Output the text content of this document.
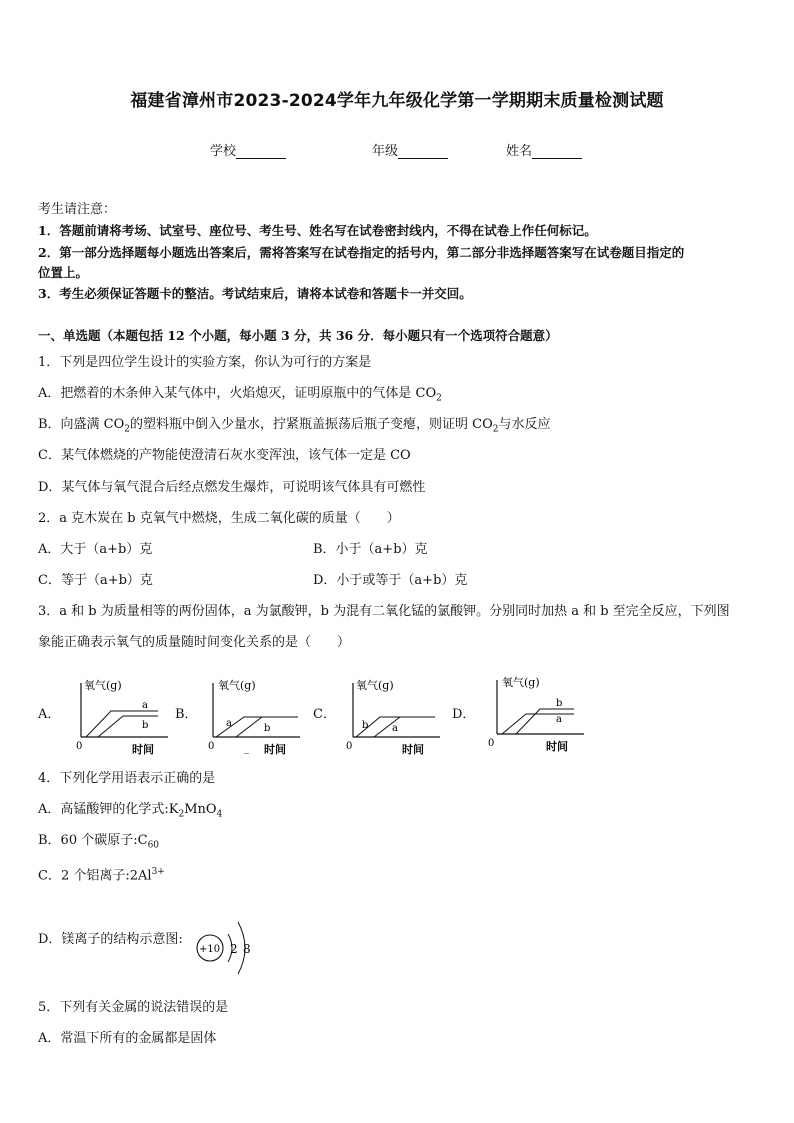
福建省漳州市2023-2024学年九年级化学第一学期期末质量检测试题
学校	年级	姓名
考生请注意：
1．答题前请将考场、试室号、座位号、考生号、姓名写在试卷密封线内，不得在试卷上作任何标记。
2．第一部分选择题每小题选出答案后，需将答案写在试卷指定的括号内，第二部分非选择题答案写在试卷题目指定的
位置上。
3．考生必须保证答题卡的整洁。考试结束后，请将本试卷和答题卡一并交回。
一、单选题（本题包括 12 个小题，每小题 3 分，共 36 分．每小题只有一个选项符合题意）
1．下列是四位学生设计的实验方案，你认为可行的方案是
A．把燃着的木条伸入某气体中，火焰熄灭，证明原瓶中的气体是 $CO_2$
B．向盛满 $CO_2$的塑料瓶中倒入少量水，拧紧瓶盖振荡后瓶子变瘪，则证明 $CO_2$与水反应
C．某气体燃烧的产物能使澄清石灰水变浑浊，该气体一定是 CO
D．某气体与氧气混合后经点燃发生爆炸，可说明该气体具有可燃性
2．a 克木炭在 b 克氧气中燃烧，生成二氧化碳的质量（　　）
A．大于（a+b）克	B．小于（a+b）克
C．等于（a+b）克	D．小于或等于（a+b）克
3．a 和 b 为质量相等的两份固体，a 为氯酸钾，b 为混有二氧化锰的氯酸钾。分别同时加热 a 和 b 至完全反应，下列图
象能正确表示氧气的质量随时间变化关系的是（　　）
A．
氧气(g)
0	时间
a
b
B．
氧气(g)
0	时间
a	b
_
C．
氧气(g)
0	时间
b a
D．
氧气(g)
0	时间
b
a
4．下列化学用语表示正确的是
A．高锰酸钾的化学式$:K_2MnO_4$
B．60 个碳原子$:C_{60}$
C．2 个铝离子$:2Al^{3+}$
D．镁离子的结构示意图:
+10 2 8
5．下列有关金属的说法错误的是
A．常温下所有的金属都是固体
